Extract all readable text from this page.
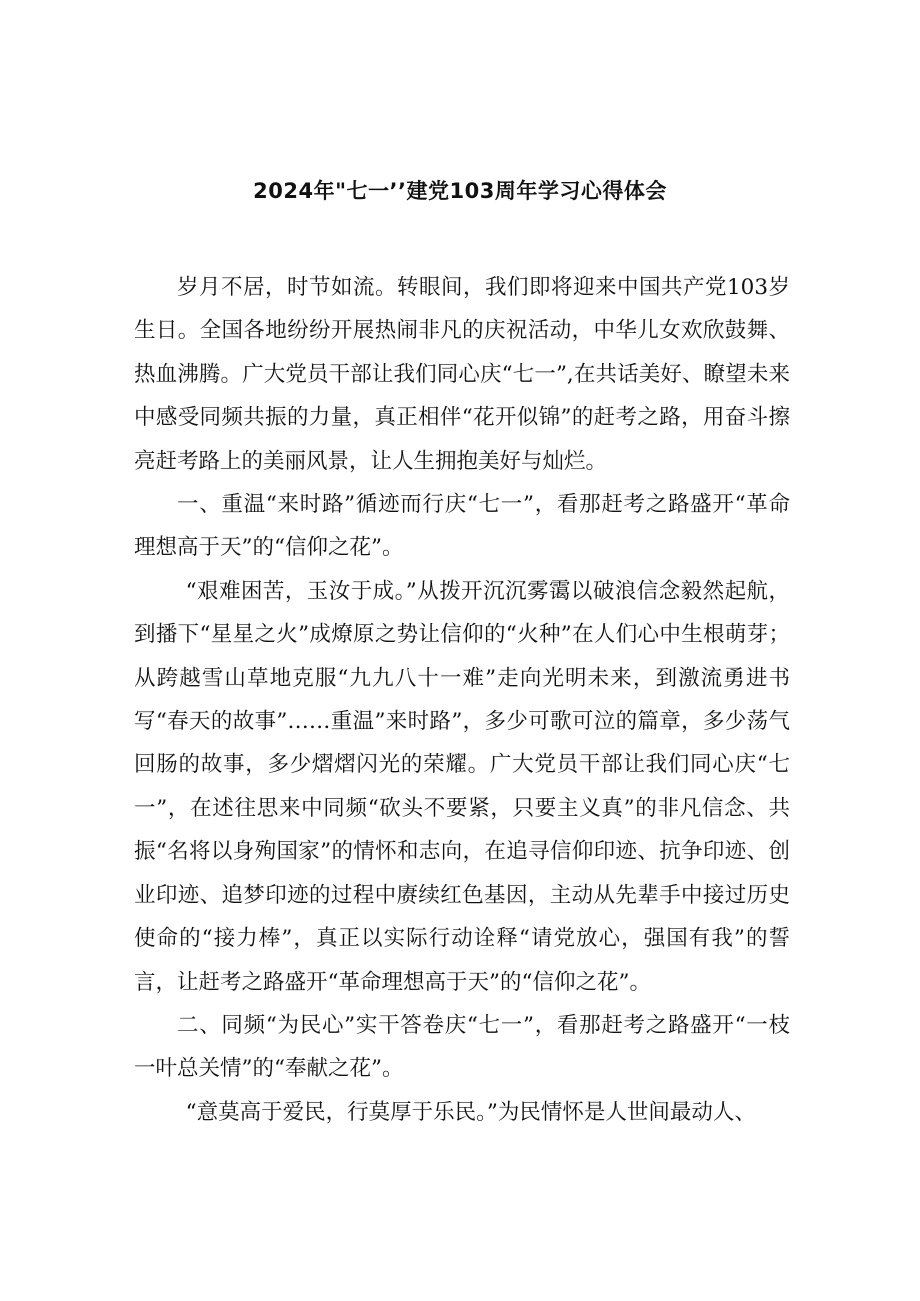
2024年"七一’’建党103周年学习心得体会

岁月不居，时节如流。转眼间，我们即将迎来中国共产党103岁生日。全国各地纷纷开展热闹非凡的庆祝活动，中华儿女欢欣鼓舞、热血沸腾。广大党员干部让我们同心庆“七一”,在共话美好、瞭望未来中感受同频共振的力量，真正相伴“花开似锦”的赶考之路，用奋斗擦亮赶考路上的美丽风景，让人生拥抱美好与灿烂。

一、重温“来时路”循迹而行庆“七一”，看那赶考之路盛开“革命理想高于天”的“信仰之花”。

“艰难困苦，玉汝于成。”从拨开沉沉雾霭以破浪信念毅然起航，到播下“星星之火”成燎原之势让信仰的“火种”在人们心中生根萌芽；从跨越雪山草地克服“九九八十一难”走向光明未来，到激流勇进书写“春天的故事”……重温”来时路”，多少可歌可泣的篇章，多少荡气回肠的故事，多少熠熠闪光的荣耀。广大党员干部让我们同心庆“七一”，在述往思来中同频“砍头不要紧，只要主义真”的非凡信念、共振“名将以身殉国家”的情怀和志向，在追寻信仰印迹、抗争印迹、创业印迹、追梦印迹的过程中赓续红色基因，主动从先辈手中接过历史使命的“接力棒”，真正以实际行动诠释“请党放心，强国有我”的誓言，让赶考之路盛开“革命理想高于天”的“信仰之花”。

二、同频“为民心”实干答卷庆“七一”，看那赶考之路盛开“一枝一叶总关情”的“奉献之花”。

“意莫高于爱民，行莫厚于乐民。”为民情怀是人世间最动人、
